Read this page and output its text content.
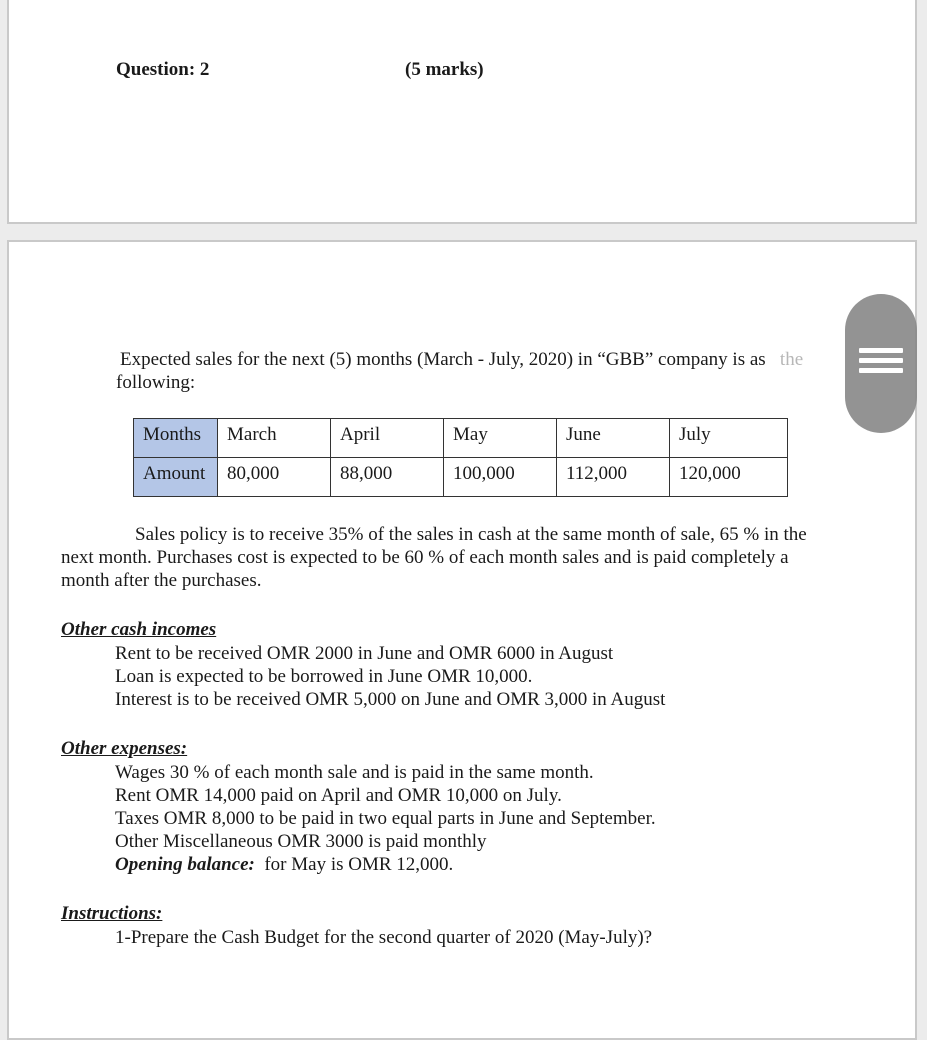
Question: 2	(5 marks)
Expected sales for the next (5) months (March - July, 2020) in “GBB” company is as the
following:
Months	March	April	May	June	July
Amount	80,000	88,000	100,000	112,000	120,000
Sales policy is to receive 35% of the sales in cash at the same month of sale, 65 % in the
next month. Purchases cost is expected to be 60 % of each month sales and is paid completely a
month after the purchases.
Other cash incomes
Rent to be received OMR 2000 in June and OMR 6000 in August
Loan is expected to be borrowed in June OMR 10,000.
Interest is to be received OMR 5,000 on June and OMR 3,000 in August
Other expenses:
Wages 30 % of each month sale and is paid in the same month.
Rent OMR 14,000 paid on April and OMR 10,000 on July.
Taxes OMR 8,000 to be paid in two equal parts in June and September.
Other Miscellaneous OMR 3000 is paid monthly
Opening balance: for May is OMR 12,000.
Instructions:
1-Prepare the Cash Budget for the second quarter of 2020 (May-July)?
